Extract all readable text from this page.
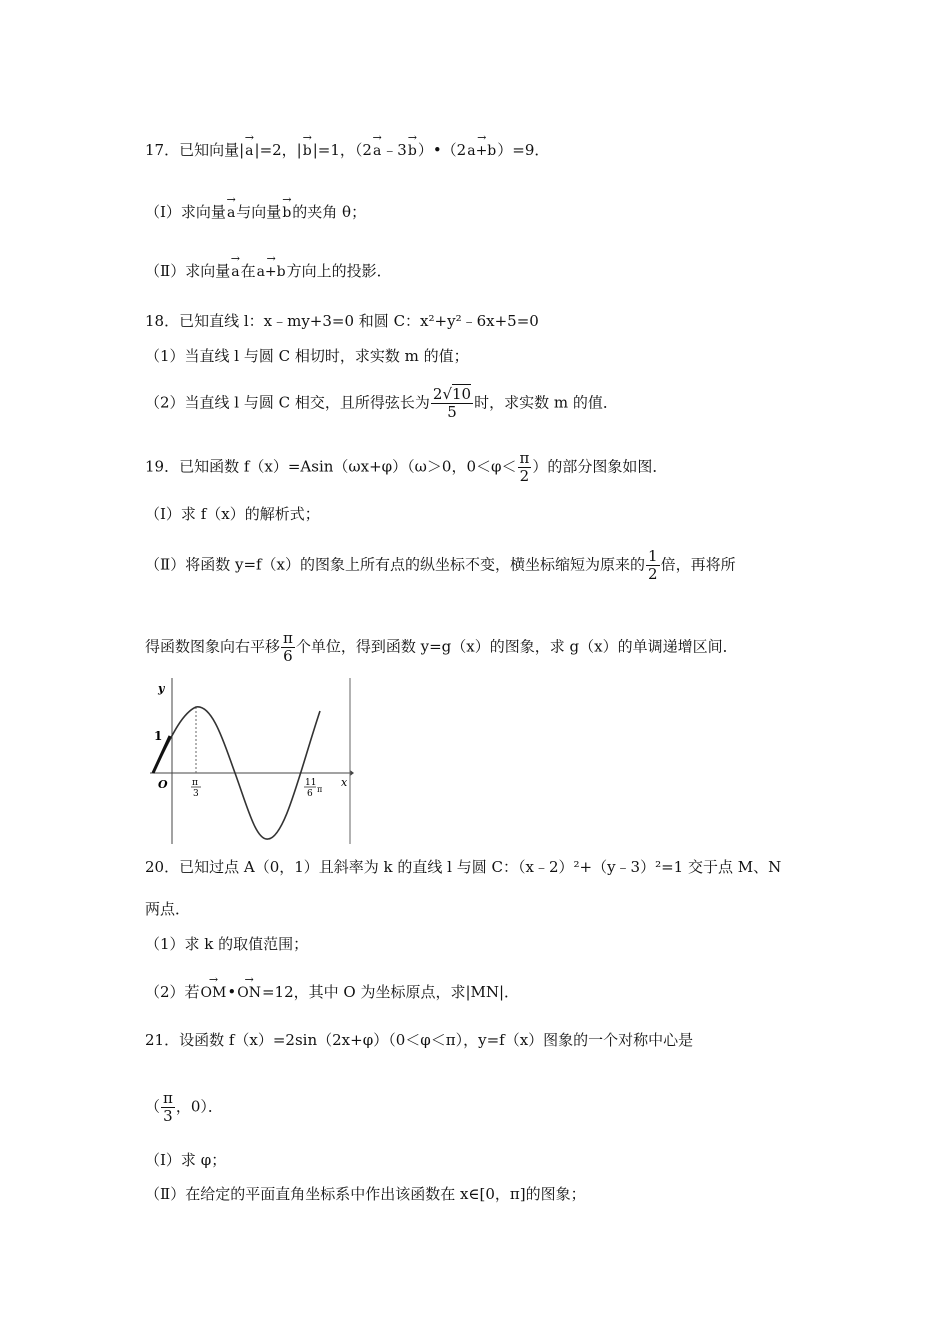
17．已知向量|→ a|=2，|→ b|=1，（2→ a﹣3→ b）•（2→ a+b）=9．
（Ⅰ）求向量→ a与向量→ b的夹角 θ；
（Ⅱ）求向量→ a在→ a+b方向上的投影．
18．已知直线 l：x﹣my+3=0 和圆 C：x²+y²﹣6x+5=0
（1）当直线 l 与圆 C 相切时，求实数 m 的值；
（2）当直线 l 与圆 C 相交，且所得弦长为 $\frac{2√10}{5}$ 时，求实数 m 的值．
19．已知函数 f（x）=Asin（ωx+φ）（ω＞0，$0<\varphi< \frac{\pi}{2}$ ）的部分图象如图．
（Ⅰ）求 f（x）的解析式；
（Ⅱ）将函数 y=f（x）的图象上所有点的纵坐标不变，横坐标缩短为原来的 $\frac{1}{2}$ 倍，再将所
得函数图象向右平移 $\frac{\pi}{6}$ 个单位，得到函数 y=g（x）的图象，求 g（x）的单调递增区间．
y
x
O
1
π
3
11
6 π
20．已知过点 A（0，1）且斜率为 k 的直线 l 与圆 C：（x﹣2）²+（y﹣3）²=1 交于点 M、N
两点．
（1）求 k 的取值范围；
（2）若→ OM•→ ON=12，其中 O 为坐标原点，求|MN|．
21．设函数 f（x）=2sin（2x+φ）（0＜φ＜π），y=f（x）图象的一个对称中心是
（ $\frac{\pi}{3}$ ，0）．
（Ⅰ）求 φ；
（Ⅱ）在给定的平面直角坐标系中作出该函数在 x∈[0，π]的图象；
